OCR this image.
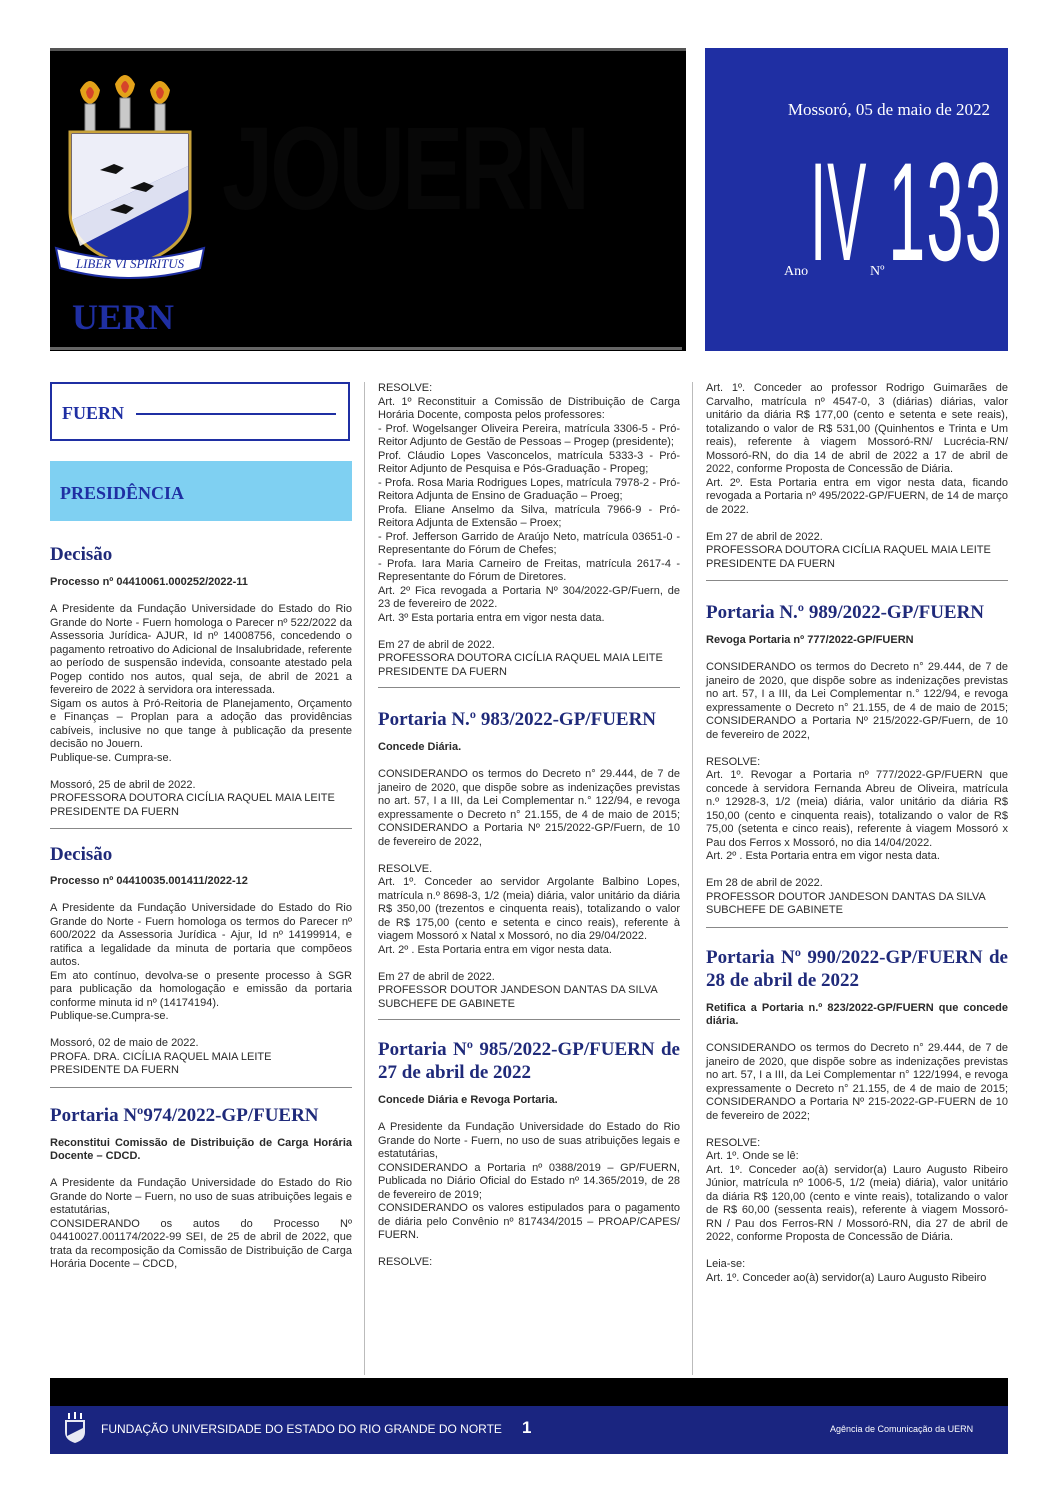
JOUERN
LIBER VI SPIRITUS
UERN
Mossoró, 05 de maio de 2022
Ano IV Nº 133
FUERN
PRESIDÊNCIA

Decisão

Processo nº 04410061.000252/2022-11

A Presidente da Fundação Universidade do Estado do Rio Grande do Norte - Fuern homologa o Parecer nº 522/2022 da Assessoria Jurídica- AJUR, Id nº 14008756, concedendo o pagamento retroativo do Adicional de Insalubridade, referente ao período de suspensão indevida, consoante atestado pela Pogep contido nos autos, qual seja, de abril de 2021 a fevereiro de 2022 à servidora ora interessada.

Sigam os autos à Pró-Reitoria de Planejamento, Orçamento e Finanças – Proplan para a adoção das providências cabíveis, inclusive no que tange à publicação da presente decisão no Jouern.

Publique-se. Cumpra-se.

Mossoró, 25 de abril de 2022.

PROFESSORA DOUTORA CICÍLIA RAQUEL MAIA LEITE

PRESIDENTE DA FUERN

Decisão

Processo nº 04410035.001411/2022-12

A Presidente da Fundação Universidade do Estado do Rio Grande do Norte - Fuern homologa os termos do Parecer nº 600/2022 da Assessoria Jurídica - Ajur, Id nº 14199914, e ratifica a legalidade da minuta de portaria que compõeos autos.

Em ato contínuo, devolva-se o presente processo à SGR para publicação da homologação e emissão da portaria conforme minuta id nº (14174194).

Publique-se.Cumpra-se.

Mossoró, 02 de maio de 2022.

PROFA. DRA. CICÍLIA RAQUEL MAIA LEITE

PRESIDENTE DA FUERN

Portaria Nº974/2022-GP/FUERN

Reconstitui Comissão de Distribuição de Carga Horária Docente – CDCD.

A Presidente da Fundação Universidade do Estado do Rio Grande do Norte – Fuern, no uso de suas atribuições legais e estatutárias,

CONSIDERANDO os autos do Processo Nº 04410027.001174/2022-99 SEI, de 25 de abril de 2022, que trata da recomposição da Comissão de Distribuição de Carga Horária Docente – CDCD,

RESOLVE:

Art. 1º Reconstituir a Comissão de Distribuição de Carga Horária Docente, composta pelos professores:

- Prof. Wogelsanger Oliveira Pereira, matrícula 3306-5 - Pró-Reitor Adjunto de Gestão de Pessoas – Progep (presidente);

Prof. Cláudio Lopes Vasconcelos, matrícula 5333-3 - Pró-Reitor Adjunto de Pesquisa e Pós-Graduação - Propeg;

- Profa. Rosa Maria Rodrigues Lopes, matrícula 7978-2 - Pró-Reitora Adjunta de Ensino de Graduação – Proeg;

Profa. Eliane Anselmo da Silva, matrícula 7966-9 - Pró-Reitora Adjunta de Extensão – Proex;

- Prof. Jefferson Garrido de Araújo Neto, matrícula 03651-0 - Representante do Fórum de Chefes;

- Profa. Iara Maria Carneiro de Freitas, matrícula 2617-4 - Representante do Fórum de Diretores.

Art. 2º Fica revogada a Portaria Nº 304/2022-GP/Fuern, de 23 de fevereiro de 2022.

Art. 3º Esta portaria entra em vigor nesta data.

Em 27 de abril de 2022.

PROFESSORA DOUTORA CICÍLIA RAQUEL MAIA LEITE

PRESIDENTE DA FUERN

Portaria N.º 983/2022-GP/FUERN

Concede Diária.

CONSIDERANDO os termos do Decreto n° 29.444, de 7 de janeiro de 2020, que dispõe sobre as indenizações previstas no art. 57, I a III, da Lei Complementar n.° 122/94, e revoga expressamente o Decreto n° 21.155, de 4 de maio de 2015; CONSIDERANDO a Portaria Nº 215/2022-GP/Fuern, de 10 de fevereiro de 2022,

RESOLVE.

Art. 1º. Conceder ao servidor Argolante Balbino Lopes, matrícula n.º 8698-3, 1/2 (meia) diária, valor unitário da diária R$ 350,00 (trezentos e cinquenta reais), totalizando o valor de R$ 175,00 (cento e setenta e cinco reais), referente à viagem Mossoró x Natal x Mossoró, no dia 29/04/2022.

Art. 2º . Esta Portaria entra em vigor nesta data.

Em 27 de abril de 2022.

PROFESSOR DOUTOR JANDESON DANTAS DA SILVA

SUBCHEFE DE GABINETE

Portaria Nº 985/2022-GP/FUERN de 27 de abril de 2022

Concede Diária e Revoga Portaria.

A Presidente da Fundação Universidade do Estado do Rio Grande do Norte - Fuern, no uso de suas atribuições legais e estatutárias,

CONSIDERANDO a Portaria nº 0388/2019 – GP/FUERN, Publicada no Diário Oficial do Estado nº 14.365/2019, de 28 de fevereiro de 2019;

CONSIDERANDO os valores estipulados para o pagamento de diária pelo Convênio nº 817434/2015 – PROAP/CAPES/ FUERN.

RESOLVE:

Art. 1º. Conceder ao professor Rodrigo Guimarães de Carvalho, matrícula nº 4547-0, 3 (diárias) diárias, valor unitário da diária R$ 177,00 (cento e setenta e sete reais), totalizando o valor de R$ 531,00 (Quinhentos e Trinta e Um reais), referente à viagem Mossoró-RN/ Lucrécia-RN/ Mossoró-RN, do dia 14 de abril de 2022 a 17 de abril de 2022, conforme Proposta de Concessão de Diária.

Art. 2º. Esta Portaria entra em vigor nesta data, ficando revogada a Portaria nº 495/2022-GP/FUERN, de 14 de março de 2022.

Em 27 de abril de 2022.

PROFESSORA DOUTORA CICÍLIA RAQUEL MAIA LEITE

PRESIDENTE DA FUERN

Portaria N.º 989/2022-GP/FUERN

Revoga Portaria nº 777/2022-GP/FUERN

CONSIDERANDO os termos do Decreto n° 29.444, de 7 de janeiro de 2020, que dispõe sobre as indenizações previstas no art. 57, I a III, da Lei Complementar n.° 122/94, e revoga expressamente o Decreto n° 21.155, de 4 de maio de 2015; CONSIDERANDO a Portaria Nº 215/2022-GP/Fuern, de 10 de fevereiro de 2022,

RESOLVE:

Art. 1º. Revogar a Portaria nº 777/2022-GP/FUERN que concede à servidora Fernanda Abreu de Oliveira, matrícula n.º 12928-3, 1/2 (meia) diária, valor unitário da diária R$ 150,00 (cento e cinquenta reais), totalizando o valor de R$ 75,00 (setenta e cinco reais), referente à viagem Mossoró x Pau dos Ferros x Mossoró, no dia 14/04/2022.

Art. 2º . Esta Portaria entra em vigor nesta data.

Em 28 de abril de 2022.

PROFESSOR DOUTOR JANDESON DANTAS DA SILVA

SUBCHEFE DE GABINETE

Portaria Nº 990/2022-GP/FUERN de 28 de abril de 2022

Retifica a Portaria n.º 823/2022-GP/FUERN que concede diária.

CONSIDERANDO os termos do Decreto n° 29.444, de 7 de janeiro de 2020, que dispõe sobre as indenizações previstas no art. 57, I a III, da Lei Complementar n° 122/1994, e revoga expressamente o Decreto n° 21.155, de 4 de maio de 2015; CONSIDERANDO a Portaria Nº 215-2022-GP-FUERN de 10 de fevereiro de 2022;

RESOLVE:

Art. 1º. Onde se lê:

Art. 1º. Conceder ao(à) servidor(a) Lauro Augusto Ribeiro Júnior, matrícula nº 1006-5, 1/2 (meia) diária), valor unitário da diária R$ 120,00 (cento e vinte reais), totalizando o valor de R$ 60,00 (sessenta reais), referente à viagem Mossoró-RN / Pau dos Ferros-RN / Mossoró-RN, dia 27 de abril de 2022, conforme Proposta de Concessão de Diária.

Leia-se:

Art. 1º. Conceder ao(à) servidor(a) Lauro Augusto Ribeiro

FUNDAÇÃO UNIVERSIDADE DO ESTADO DO RIO GRANDE DO NORTE 1	Agência de Comunicação da UERN
